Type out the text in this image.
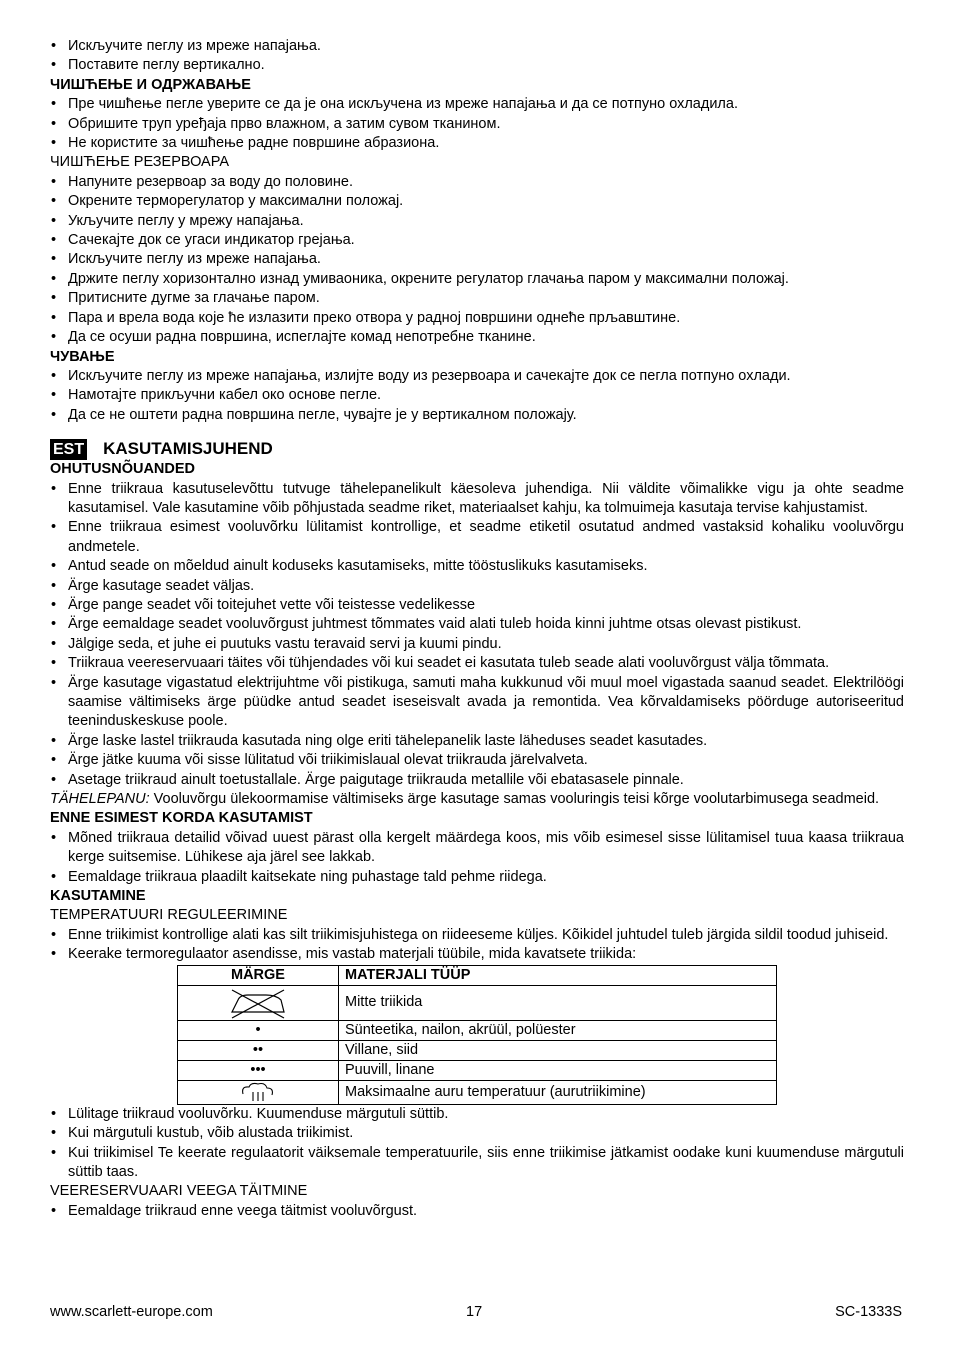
• Искључите пеглу из мреже напајања.
• Поставите пеглу вертикално.
ЧИШЋЕЊЕ И ОДРЖАВАЊЕ
• Пре чишћење пегле уверите се да је она искључена из мреже напајања и да се потпуно охладила.
• Обришите труп уређаја прво влажном, а затим сувом тканином.
• Не користите за чишћење радне површине абразиона.
ЧИШЋЕЊЕ РЕЗЕРВОАРА
• Напуните резервоар за воду до половине.
• Окрените терморегулатор у максимални положај.
• Укључите пеглу у мрежу напајања.
• Сачекајте док се угаси индикатор грејања.
• Искључите пеглу из мреже напајања.
• Држите пеглу хоризонтално изнад умиваоника, окрените регулатор глачања паром у максимални положај.
• Притисните дугме за глачање паром.
• Пара и врела вода које ће излазити преко отвора у радној површини однеће прљавштине.
• Да се осуши радна површина, испеглајте комад непотребне тканине.
ЧУВАЊЕ
• Искључите пеглу из мреже напајања, излијте воду из резервоара и сачекајте док се пегла потпуно охлади.
• Намотајте прикључни кабел око основе пегле.
• Да се не оштети радна површина пегле, чувајте је у вертикалном положају.
EST KASUTAMISJUHEND
OHUTUSNÕUANDED
• Enne triikraua kasutuselevõttu tutvuge tähelepanelikult käesoleva juhendiga. Nii väldite võimalikke vigu ja ohte seadme kasutamisel. Vale kasutamine võib põhjustada seadme riket, materiaalset kahju, ka tolmuimeja kasutaja tervise kahjustamist.
• Enne triikraua esimest vooluvõrku lülitamist kontrollige, et seadme etiketil osutatud andmed vastaksid kohaliku vooluvõrgu andmetele.
• Antud seade on mõeldud ainult koduseks kasutamiseks, mitte tööstuslikuks kasutamiseks.
• Ärge kasutage seadet väljas.
• Ärge pange seadet või toitejuhet vette või teistesse vedelikesse
• Ärge eemaldage seadet vooluvõrgust juhtmest tõmmates vaid alati tuleb hoida kinni juhtme otsas olevast pistikust.
• Jälgige seda, et juhe ei puutuks vastu teravaid servi ja kuumi pindu.
• Triikraua veereservuaari täites või tühjendades või kui seadet ei kasutata tuleb seade alati vooluvõrgust välja tõmmata.
• Ärge kasutage vigastatud elektrijuhtme või pistikuga, samuti maha kukkunud või muul moel vigastada saanud seadet. Elektrilöögi saamise vältimiseks ärge püüdke antud seadet iseseisvalt avada ja remontida. Vea kõrvaldamiseks pöörduge autoriseeritud teeninduskeskuse poole.
• Ärge laske lastel triikrauda kasutada ning olge eriti tähelepanelik laste läheduses seadet kasutades.
• Ärge jätke kuuma või sisse lülitatud või triikimislaual olevat triikrauda järelvalveta.
• Asetage triikraud ainult toetustallale. Ärge paigutage triikrauda metallile või ebatasasele pinnale.
TÄHELEPANU: Vooluvõrgu ülekoormamise vältimiseks ärge kasutage samas vooluringis teisi kõrge voolutarbimusega seadmeid.
ENNE ESIMEST KORDA KASUTAMIST
• Mõned triikraua detailid võivad uuest pärast olla kergelt määrdega koos, mis võib esimesel sisse lülitamisel tuua kaasa triikraua kerge suitsemise. Lühikese aja järel see lakkab.
• Eemaldage triikraua plaadilt kaitsekate ning puhastage tald pehme riidega.
KASUTAMINE
TEMPERATUURI REGULEERIMINE
• Enne triikimist kontrollige alati kas silt triikimisjuhistega on riideeseme küljes. Kõikidel juhtudel tuleb järgida sildil toodud juhiseid.
• Keerake termoregulaator asendisse, mis vastab materjali tüübile, mida kavatsete triikida:
MÄRGE	MATERJALI TÜÜP

	Mitte triikida
•	Sünteetika, nailon, akrüül, polüester
••	Villane, siid
•••	Puuvill, linane

	Maksimaalne auru temperatuur (aurutriikimine)
• Lülitage triikraud vooluvõrku. Kuumenduse märgutuli süttib.
• Kui märgutuli kustub, võib alustada triikimist.
• Kui triikimisel Te keerate regulaatorit väiksemale temperatuurile, siis enne triikimise jätkamist oodake kuni kuumenduse märgutuli süttib taas.
VEERESERVUAARI VEEGA TÄITMINE
• Eemaldage triikraud enne veega täitmist vooluvõrgust.
www.scarlett-europe.com	17	SC-1333S
